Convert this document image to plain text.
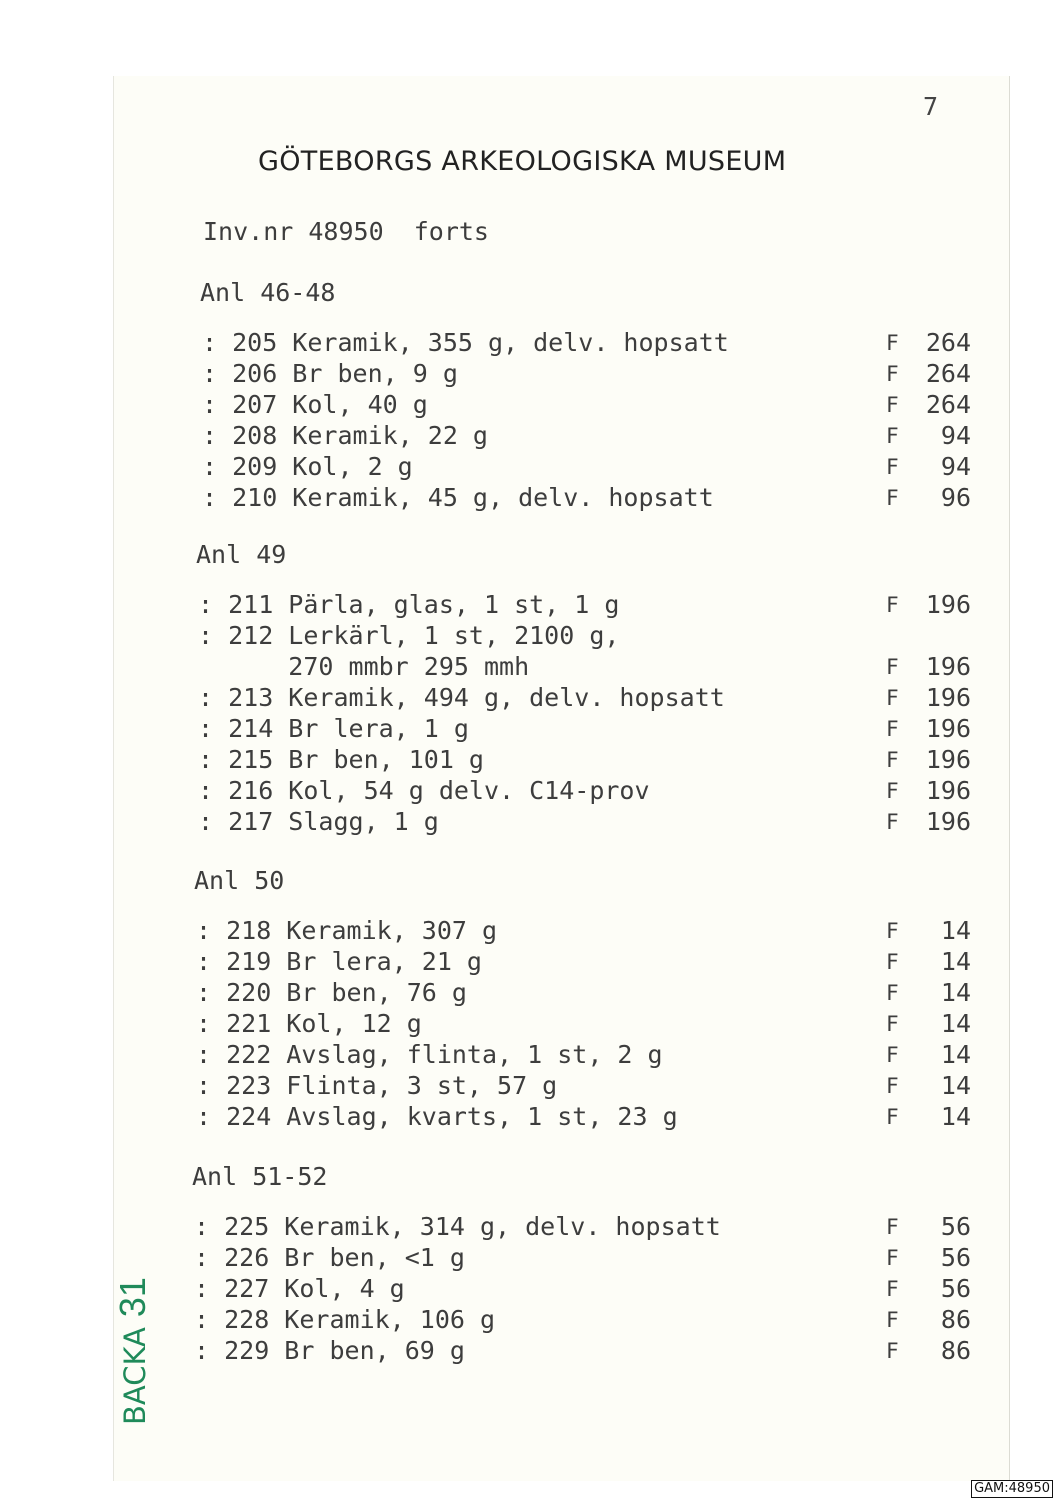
7
GÖTEBORGS ARKEOLOGISKA MUSEUM
Inv.nr 48950  forts
Anl 46-48
: 205 Keramik, 355 g, delv. hopsatt	F 264
: 206 Br ben, 9 g	F 264
: 207 Kol, 40 g	F 264
: 208 Keramik, 22 g	F 94
: 209 Kol, 2 g	F 94
: 210 Keramik, 45 g, delv. hopsatt	F 96
Anl 49
: 211 Pärla, glas, 1 st, 1 g	F 196
: 212 Lerkärl, 1 st, 2100 g,
270 mmbr 295 mmh	F 196
: 213 Keramik, 494 g, delv. hopsatt	F 196
: 214 Br lera, 1 g	F 196
: 215 Br ben, 101 g	F 196
: 216 Kol, 54 g delv. C14-prov	F 196
: 217 Slagg, 1 g	F 196
Anl 50
: 218 Keramik, 307 g	F 14
: 219 Br lera, 21 g	F 14
: 220 Br ben, 76 g	F 14
: 221 Kol, 12 g	F 14
: 222 Avslag, flinta, 1 st, 2 g	F 14
: 223 Flinta, 3 st, 57 g	F 14
: 224 Avslag, kvarts, 1 st, 23 g	F 14
Anl 51-52
: 225 Keramik, 314 g, delv. hopsatt	F 56
: 226 Br ben, <1 g	F 56
: 227 Kol, 4 g	F 56
: 228 Keramik, 106 g	F 86
: 229 Br ben, 69 g	F 86
BACKA31
GAM:48950
